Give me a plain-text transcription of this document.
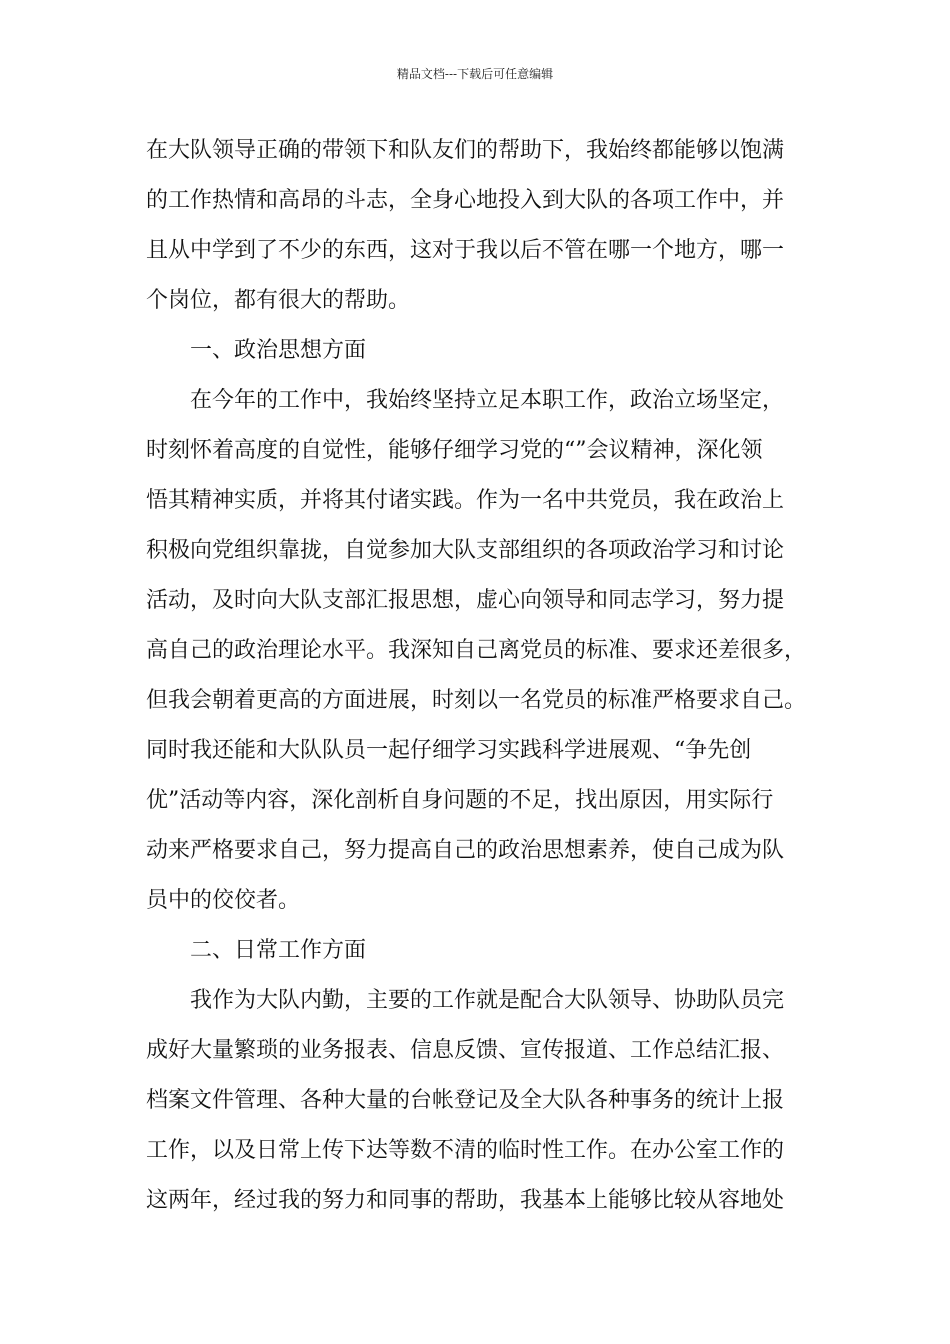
精品文档---下载后可任意编辑
在大队领导正确的带领下和队友们的帮助下，我始终都能够以饱满
的工作热情和高昂的斗志，全身心地投入到大队的各项工作中，并
且从中学到了不少的东西，这对于我以后不管在哪一个地方，哪一
个岗位，都有很大的帮助。
一、政治思想方面
在今年的工作中，我始终坚持立足本职工作，政治立场坚定，
时刻怀着高度的自觉性，能够仔细学习党的“”会议精神，深化领
悟其精神实质，并将其付诸实践。作为一名中共党员，我在政治上
积极向党组织靠拢，自觉参加大队支部组织的各项政治学习和讨论
活动，及时向大队支部汇报思想，虚心向领导和同志学习，努力提
高自己的政治理论水平。我深知自己离党员的标准、要求还差很多，
但我会朝着更高的方面进展，时刻以一名党员的标准严格要求自己。
同时我还能和大队队员一起仔细学习实践科学进展观、“争先创
优”活动等内容，深化剖析自身问题的不足，找出原因，用实际行
动来严格要求自己，努力提高自己的政治思想素养，使自己成为队
员中的佼佼者。
二、日常工作方面
我作为大队内勤，主要的工作就是配合大队领导、协助队员完
成好大量繁琐的业务报表、信息反馈、宣传报道、工作总结汇报、
档案文件管理、各种大量的台帐登记及全大队各种事务的统计上报
工作，以及日常上传下达等数不清的临时性工作。在办公室工作的
这两年，经过我的努力和同事的帮助，我基本上能够比较从容地处
